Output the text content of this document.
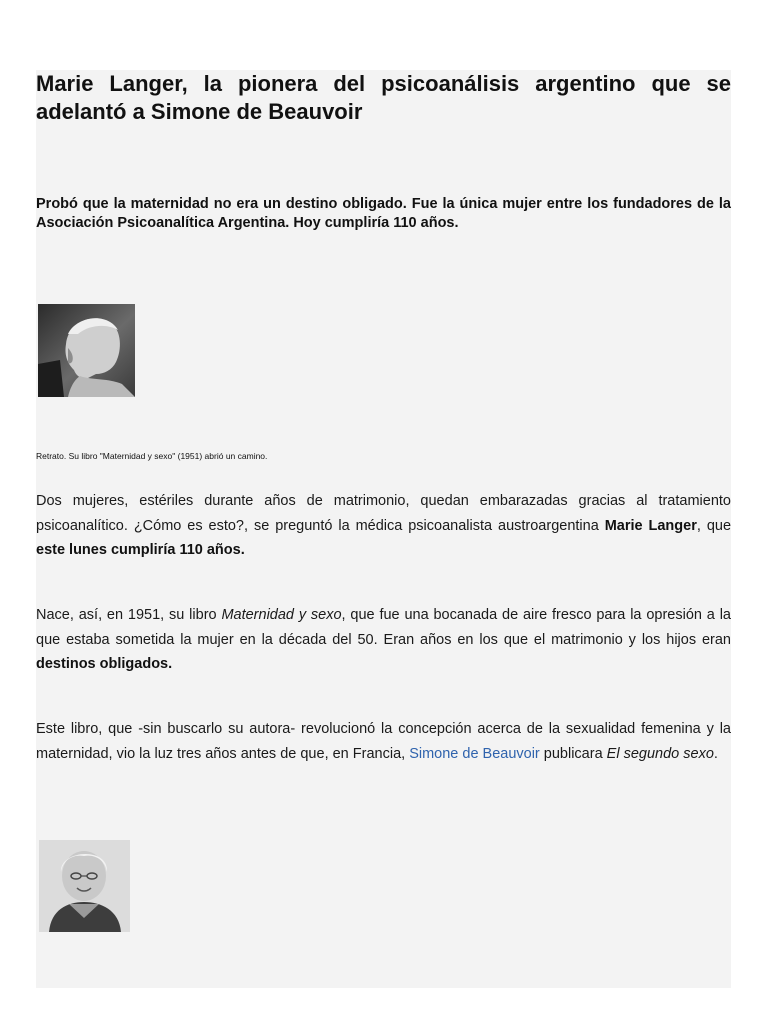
Marie Langer, la pionera del psicoanálisis argentino que se adelantó a Simone de Beauvoir

Probó que la maternidad no era un destino obligado. Fue la única mujer entre los fundadores de la Asociación Psicoanalítica Argentina. Hoy cumpliría 110 años.

Retrato. Su libro "Maternidad y sexo" (1951) abrió un camino.

Dos mujeres, estériles durante años de matrimonio, quedan embarazadas gracias al tratamiento psicoanalítico. ¿Cómo es esto?, se preguntó la médica psicoanalista austroargentina Marie Langer, que este lunes cumpliría 110 años.

Nace, así, en 1951, su libro Maternidad y sexo, que fue una bocanada de aire fresco para la opresión a la que estaba sometida la mujer en la década del 50. Eran años en los que el matrimonio y los hijos eran destinos obligados.

Este libro, que -sin buscarlo su autora- revolucionó la concepción acerca de la sexualidad femenina y la maternidad, vio la luz tres años antes de que, en Francia, Simone de Beauvoir publicara El segundo sexo.
